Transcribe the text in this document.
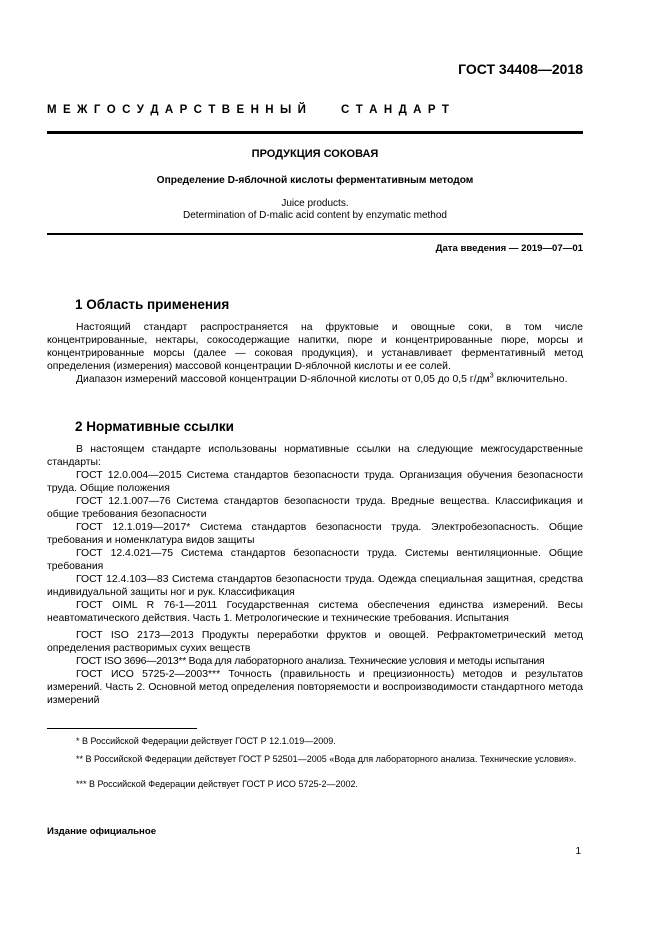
ГОСТ 34408—2018
М Е Ж Г О С У Д А Р С Т В Е Н Н Ы Й       С Т А Н Д А Р Т
ПРОДУКЦИЯ СОКОВАЯ
Определение D-яблочной кислоты ферментативным методом
Juice products.
Determination of D-malic acid content by enzymatic method
Дата введения — 2019—07—01
1 Область применения

Настоящий стандарт распространяется на фруктовые и овощные соки, в том числе концентрированные, нектары, сокосодержащие напитки, пюре и концентрированные пюре, морсы и концентрированные морсы (далее — соковая продукция), и устанавливает ферментативный метод определения (измерения) массовой концентрации D-яблочной кислоты и ее солей.

Диапазон измерений массовой концентрации D-яблочной кислоты от 0,05 до 0,5 $г/дм^3$ включительно.

2 Нормативные ссылки

В настоящем стандарте использованы нормативные ссылки на следующие межгосударственные стандарты:

ГОСТ 12.0.004—2015 Система стандартов безопасности труда. Организация обучения безопасности труда. Общие положения

ГОСТ 12.1.007—76 Система стандартов безопасности труда. Вредные вещества. Классификация и общие требования безопасности

ГОСТ 12.1.019—2017* Система стандартов безопасности труда. Электробезопасность. Общие требования и номенклатура видов защиты

ГОСТ 12.4.021—75 Система стандартов безопасности труда. Системы вентиляционные. Общие требования

ГОСТ 12.4.103—83 Система стандартов безопасности труда. Одежда специальная защитная, средства индивидуальной защиты ног и рук. Классификация

ГОСТ OIML R 76-1—2011 Государственная система обеспечения единства измерений. Весы неавтоматического действия. Часть 1. Метрологические и технические требования. Испытания

ГОСТ ISO 2173—2013 Продукты переработки фруктов и овощей. Рефрактометрический метод определения растворимых сухих веществ

ГОСТ ISO 3696—2013** Вода для лабораторного анализа. Технические условия и методы испытания

ГОСТ ИСО 5725-2—2003*** Точность (правильность и прецизионность) методов и результатов измерений. Часть 2. Основной метод определения повторяемости и воспроизводимости стандартного метода измерений

* В Российской Федерации действует ГОСТ Р 12.1.019—2009.

** В Российской Федерации действует ГОСТ Р 52501—2005 «Вода для лабораторного анализа. Технические условия».

*** В Российской Федерации действует ГОСТ Р ИСО 5725-2—2002.

Издание официальное
1
